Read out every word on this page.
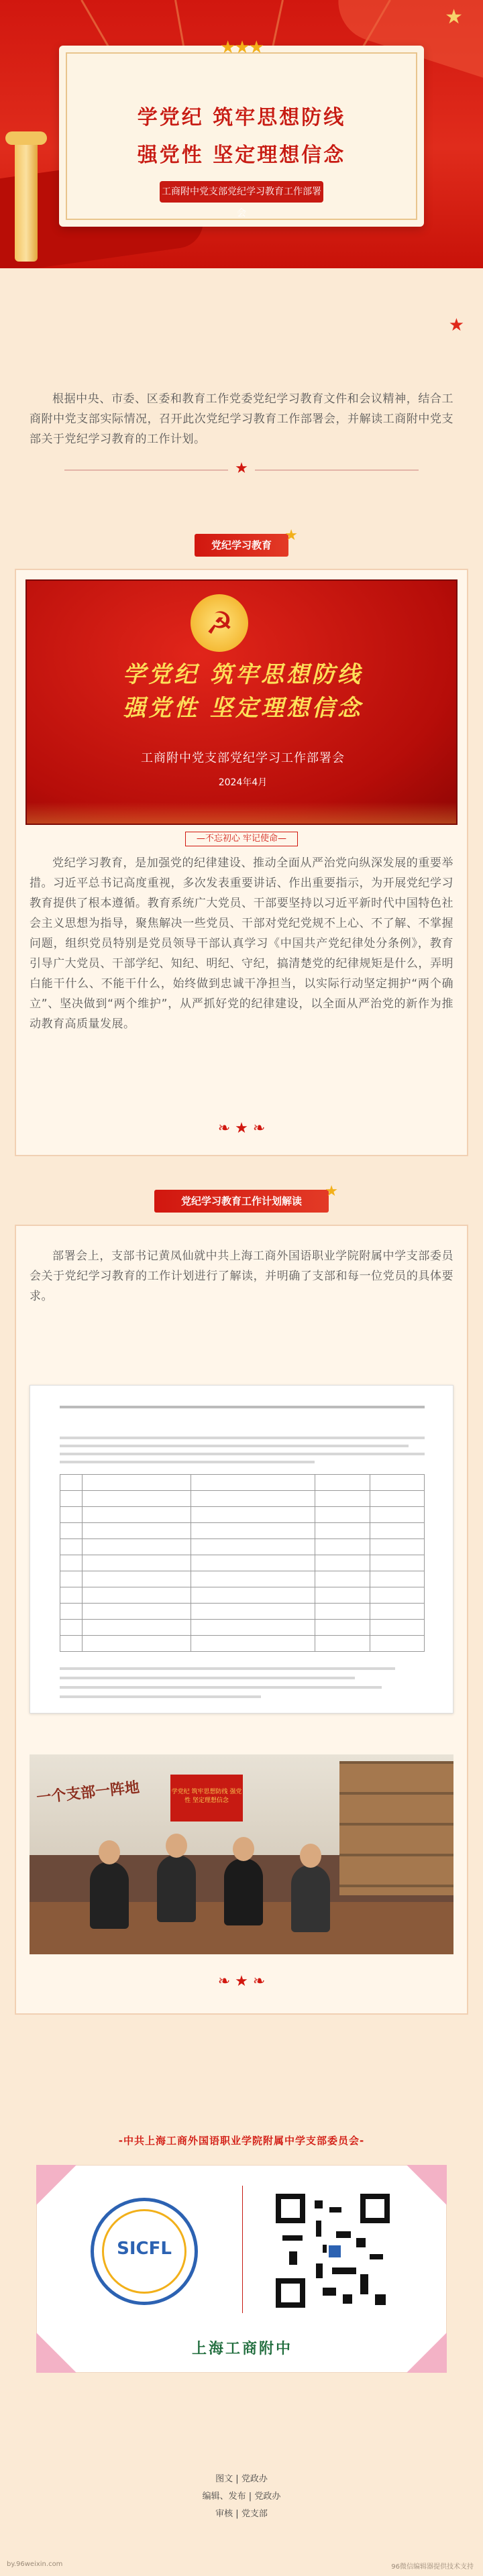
★
★★★
学党纪 筑牢思想防线
强党性 坚定理想信念
工商附中党支部党纪学习教育工作部署会
★
根据中央、市委、区委和教育工作党委党纪学习教育文件和会议精神，结合工商附中党支部实际情况，召开此次党纪学习教育工作部署会，并解读工商附中党支部关于党纪学习教育的工作计划。
★
党纪学习教育 ★
☭
学党纪 筑牢思想防线
强党性 坚定理想信念
工商附中党支部党纪学习工作部署会
2024年4月
—不忘初心 牢记使命—
党纪学习教育，是加强党的纪律建设、推动全面从严治党向纵深发展的重要举措。习近平总书记高度重视，多次发表重要讲话、作出重要指示，为开展党纪学习教育提供了根本遵循。教育系统广大党员、干部要坚持以习近平新时代中国特色社会主义思想为指导，聚焦解决一些党员、干部对党纪党规不上心、不了解、不掌握问题，组织党员特别是党员领导干部认真学习《中国共产党纪律处分条例》，教育引导广大党员、干部学纪、知纪、明纪、守纪，搞清楚党的纪律规矩是什么，弄明白能干什么、不能干什么，始终做到忠诚干净担当，以实际行动坚定拥护“两个确立”、坚决做到“两个维护”，从严抓好党的纪律建设，以全面从严治党的新作为推动教育高质量发展。
❧ ★ ❧
党纪学习教育工作计划解读 ★
部署会上，支部书记黄凤仙就中共上海工商外国语职业学院附属中学支部委员会关于党纪学习教育的工作计划进行了解读，并明确了支部和每一位党员的具体要求。

一个支部一阵地	学党纪 筑牢思想防线 强党性 坚定理想信念
❧ ★ ❧
-中共上海工商外国语职业学院附属中学支部委员会-
SICFL
上海工商附中
图文 | 党政办
编辑、发布 | 党政办
审核 | 党支部
by.96weixin.com	96微信编辑器提供技术支持
